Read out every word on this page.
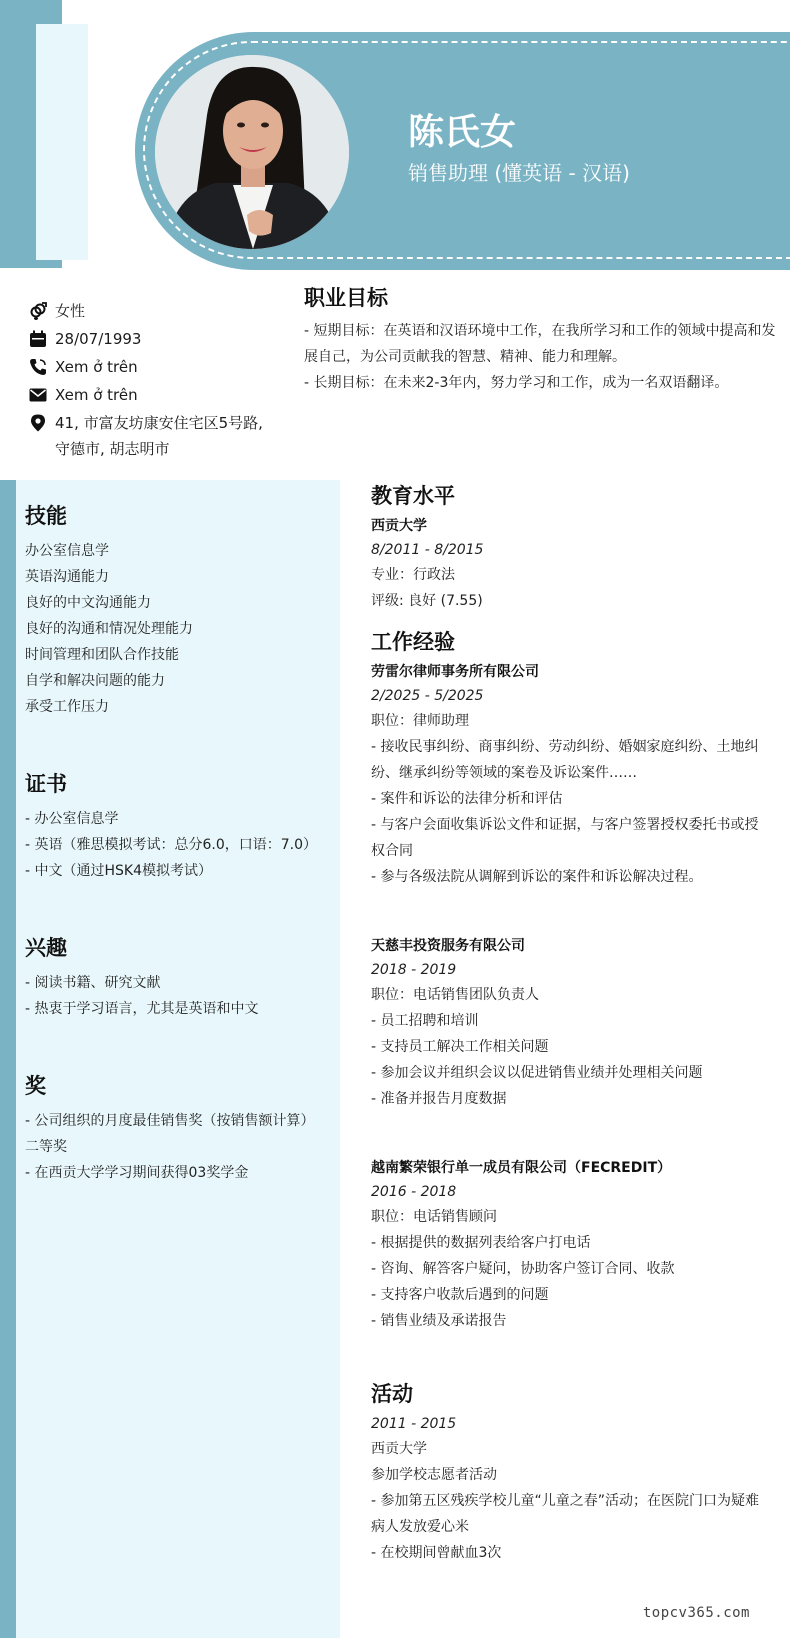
陈氏女
销售助理 (懂英语 - 汉语)
女性
28/07/1993
Xem ở trên
Xem ở trên
41, 市富友坊康安住宅区5号路,
守德市, 胡志明市
职业目标
- 短期目标：在英语和汉语环境中工作，在我所学习和工作的领域中提高和发展自己，为公司贡献我的智慧、精神、能力和理解。
- 长期目标：在未来2-3年内，努力学习和工作，成为一名双语翻译。
技能
办公室信息学
英语沟通能力
良好的中文沟通能力
良好的沟通和情况处理能力
时间管理和团队合作技能
自学和解决问题的能力
承受工作压力
证书
- 办公室信息学
- 英语（雅思模拟考试：总分6.0，口语：7.0）
- 中文（通过HSK4模拟考试）
兴趣
- 阅读书籍、研究文献
- 热衷于学习语言，尤其是英语和中文
奖
- 公司组织的月度最佳销售奖（按销售额计算）二等奖
- 在西贡大学学习期间获得03奖学金
教育水平
西贡大学
8/2011 - 8/2015
专业：行政法
评级: 良好 (7.55)
工作经验
劳雷尔律师事务所有限公司
2/2025 - 5/2025
职位：律师助理
- 接收民事纠纷、商事纠纷、劳动纠纷、婚姻家庭纠纷、土地纠纷、继承纠纷等领域的案卷及诉讼案件……
- 案件和诉讼的法律分析和评估
- 与客户会面收集诉讼文件和证据，与客户签署授权委托书或授权合同
- 参与各级法院从调解到诉讼的案件和诉讼解决过程。
天慈丰投资服务有限公司
2018 - 2019
职位：电话销售团队负责人
- 员工招聘和培训
- 支持员工解决工作相关问题
- 参加会议并组织会议以促进销售业绩并处理相关问题
- 准备并报告月度数据
越南繁荣银行单一成员有限公司（FECREDIT）
2016 - 2018
职位：电话销售顾问
- 根据提供的数据列表给客户打电话
- 咨询、解答客户疑问，协助客户签订合同、收款
- 支持客户收款后遇到的问题
- 销售业绩及承诺报告
活动
2011 - 2015
西贡大学
参加学校志愿者活动
- 参加第五区残疾学校儿童“儿童之春”活动；在医院门口为疑难病人发放爱心米
- 在校期间曾献血3次
topcv365.com
